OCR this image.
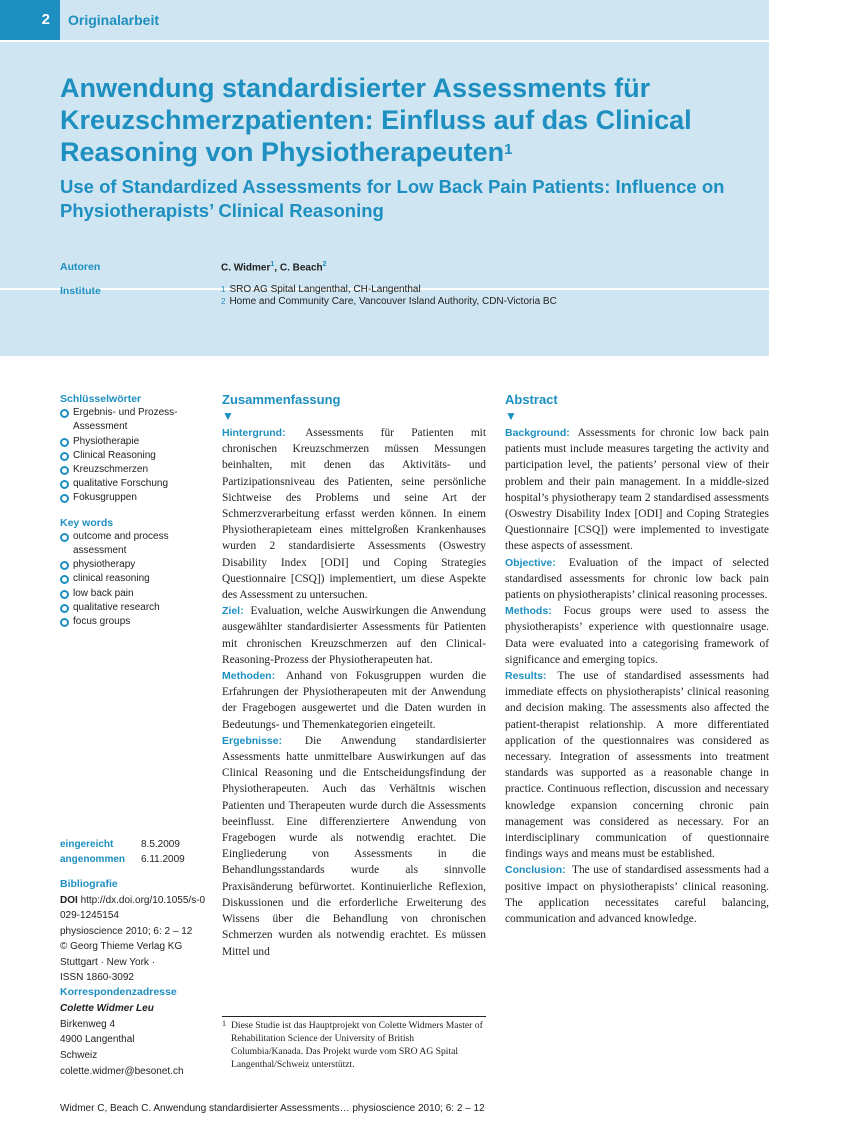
2	Originalarbeit
Anwendung standardisierter Assessments für Kreuzschmerzpatienten: Einfluss auf das Clinical Reasoning von Physiotherapeuten$^1$
Use of Standardized Assessments for Low Back Pain Patients: Influence on Physiotherapists’ Clinical Reasoning
Autoren	C. Widmer$^1$, C. Beach$^2$
Institute	$^1$ SRO AG Spital Langenthal, CH-Langenthal
$^2$ Home and Community Care, Vancouver Island Authority, CDN-Victoria BC
Schlüsselwörter
Ergebnis- und Prozess-Assessment
Physiotherapie
Clinical Reasoning
Kreuzschmerzen
qualitative Forschung
Fokusgruppen
Key words
outcome and process assessment
physiotherapy
clinical reasoning
low back pain
qualitative research
focus groups
eingereicht	8.5.2009
angenommen 6.11.2009
Bibliografie
DOI http://dx.doi.org/10.1055/s-0029-1245154
physioscience 2010; 6: 2 – 12
© Georg Thieme Verlag KG
Stuttgart · New York ·
ISSN 1860-3092
Korrespondenzadresse
Colette Widmer Leu
Birkenweg 4
4900 Langenthal
Schweiz
colette.widmer@besonet.ch
Zusammenfassung
▼

Hintergrund: Assessments für Patienten mit chronischen Kreuzschmerzen müssen Messungen beinhalten, mit denen das Aktivitäts- und Partizipationsniveau des Patienten, seine persönliche Sichtweise des Problems und seine Art der Schmerzverarbeitung erfasst werden können. In einem Physiotherapieteam eines mittelgroßen Krankenhauses wurden 2 standardisierte Assessments (Oswestry Disability Index [ODI] und Coping Strategies Questionnaire [CSQ]) implementiert, um diese Aspekte des Assessment zu untersuchen.

Ziel: Evaluation, welche Auswirkungen die Anwendung ausgewählter standardisierter Assessments für Patienten mit chronischen Kreuzschmerzen auf den Clinical-Reasoning-Prozess der Physiotherapeuten hat.

Methoden: Anhand von Fokusgruppen wurden die Erfahrungen der Physiotherapeuten mit der Anwendung der Fragebogen ausgewertet und die Daten wurden in Bedeutungs- und Themenkategorien eingeteilt.

Ergebnisse: Die Anwendung standardisierter Assessments hatte unmittelbare Auswirkungen auf das Clinical Reasoning und die Entscheidungsfindung der Physiotherapeuten. Auch das Verhältnis wischen Patienten und Therapeuten wurde durch die Assessments beeinflusst. Eine differenziertere Anwendung von Fragebogen wurde als notwendig erachtet. Die Eingliederung von Assessments in die Behandlungsstandards wurde als sinnvolle Praxisänderung befürwortet. Kontinuierliche Reflexion, Diskussionen und die erforderliche Erweiterung des Wissens über die Behandlung von chronischen Schmerzen wurden als notwendig erachtet. Es müssen Mittel und

1 Diese Studie ist das Hauptprojekt von Colette Widmers Master of Rehabilitation Science der University of British Columbia/Kanada. Das Projekt wurde vom SRO AG Spital Langenthal/Schweiz unterstützt.
Abstract
▼

Background: Assessments for chronic low back pain patients must include measures targeting the activity and participation level, the patients’ personal view of their problem and their pain management. In a middle-sized hospital’s physiotherapy team 2 standardised assessments (Oswestry Disability Index [ODI] and Coping Strategies Questionnaire [CSQ]) were implemented to investigate these aspects of assessment.

Objective: Evaluation of the impact of selected standardised assessments for chronic low back pain patients on physiotherapists’ clinical reasoning processes.

Methods: Focus groups were used to assess the physiotherapists’ experience with questionnaire usage. Data were evaluated into a categorising framework of significance and emerging topics.

Results: The use of standardised assessments had immediate effects on physiotherapists’ clinical reasoning and decision making. The assessments also affected the patient-therapist relationship. A more differentiated application of the questionnaires was considered as necessary. Integration of assessments into treatment standards was supported as a reasonable change in practice. Continuous reflection, discussion and necessary knowledge expansion concerning chronic pain management was considered as necessary. For an interdisciplinary communication of questionnaire findings ways and means must be established.

Conclusion: The use of standardised assessments had a positive impact on physiotherapists’ clinical reasoning. The application necessitates careful balancing, communication and advanced knowledge.

Widmer C, Beach C. Anwendung standardisierter Assessments… physioscience 2010; 6: 2 – 12
